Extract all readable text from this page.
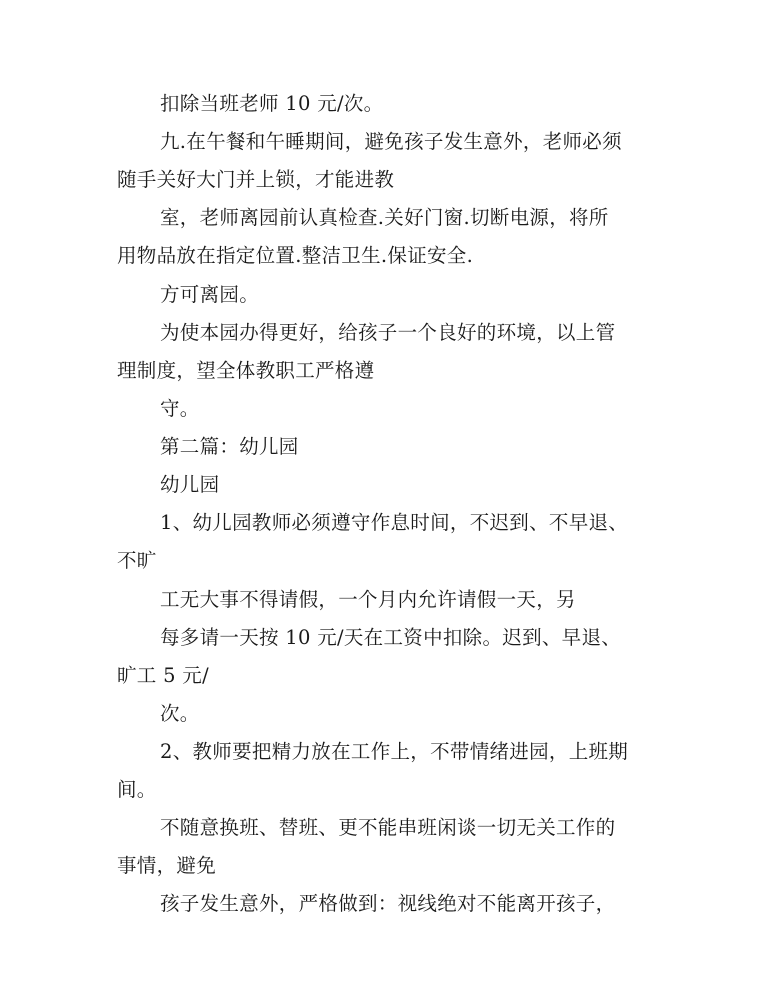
扣除当班老师 10 元/次。
九.在午餐和午睡期间，避免孩子发生意外，老师必须
随手关好大门并上锁，才能进教
室，老师离园前认真检查.关好门窗.切断电源，将所
用物品放在指定位置.整洁卫生.保证安全.
方可离园。
为使本园办得更好，给孩子一个良好的环境，以上管
理制度，望全体教职工严格遵
守。
第二篇：幼儿园
幼儿园
1、幼儿园教师必须遵守作息时间，不迟到、不早退、
不旷
工无大事不得请假，一个月内允许请假一天，另
每多请一天按 10 元/天在工资中扣除。迟到、早退、
旷工 5 元/
次。
2、教师要把精力放在工作上，不带情绪进园，上班期
间。
不随意换班、替班、更不能串班闲谈一切无关工作的
事情，避免
孩子发生意外，严格做到：视线绝对不能离开孩子，
